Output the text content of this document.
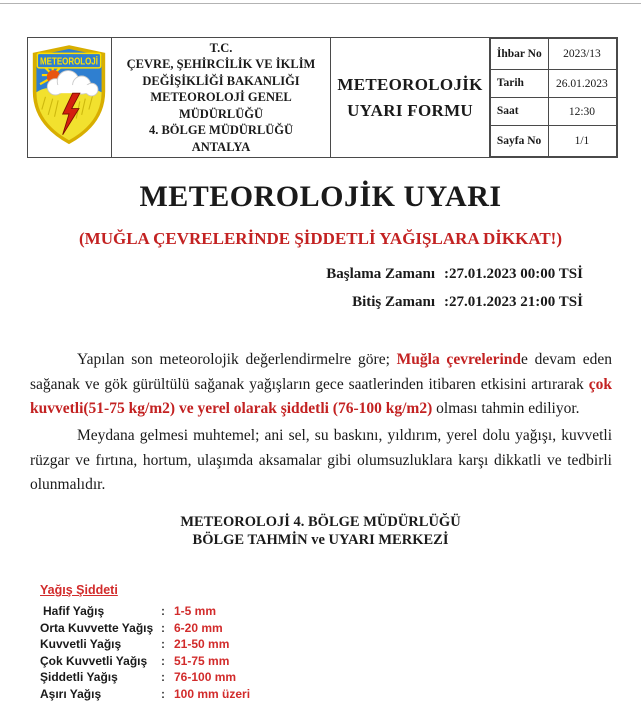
METEOROLOJİ

T.C.
ÇEVRE, ŞEHİRCİLİK VE İKLİM
DEĞİŞİKLİĞİ BAKANLIĞI
METEOROLOJİ GENEL
MÜDÜRLÜĞÜ
4. BÖLGE MÜDÜRLÜĞÜ
ANTALYA

METEOROLOJİK
UYARI FORMU

İhbar No	2023/13
Tarih	26.01.2023
Saat	12:30
Sayfa No	1/1
METEOROLOJİK UYARI
(MUĞLA ÇEVRELERİNDE ŞİDDETLİ YAĞIŞLARA DİKKAT!)
Başlama Zamanı :27.01.2023 00:00 TSİ
Bitiş Zamanı :27.01.2023 21:00 TSİ

Yapılan son meteorolojik değerlendirmelre göre; Muğla çevrelerinde devam eden sağanak ve gök gürültülü sağanak yağışların gece saatlerinden itibaren etkisini artırarak çok kuvvetli(51-75 kg/m2) ve yerel olarak şiddetli (76-100 kg/m2) olması tahmin ediliyor.

Meydana gelmesi muhtemel; ani sel, su baskını, yıldırım, yerel dolu yağışı, kuvvetli rüzgar ve fırtına, hortum, ulaşımda aksamalar gibi olumsuzluklara karşı dikkatli ve tedbirli olunmalıdır.

METEOROLOJİ 4. BÖLGE MÜDÜRLÜĞÜ
BÖLGE TAHMİN ve UYARI MERKEZİ
Yağış Şiddeti
Hafif Yağış	: 1-5 mm
Orta Kuvvette Yağış : 6-20 mm
Kuvvetli Yağış	: 21-50 mm
Çok Kuvvetli Yağış	: 51-75 mm
Şiddetli Yağış	: 76-100 mm
Aşırı Yağış	: 100 mm üzeri
